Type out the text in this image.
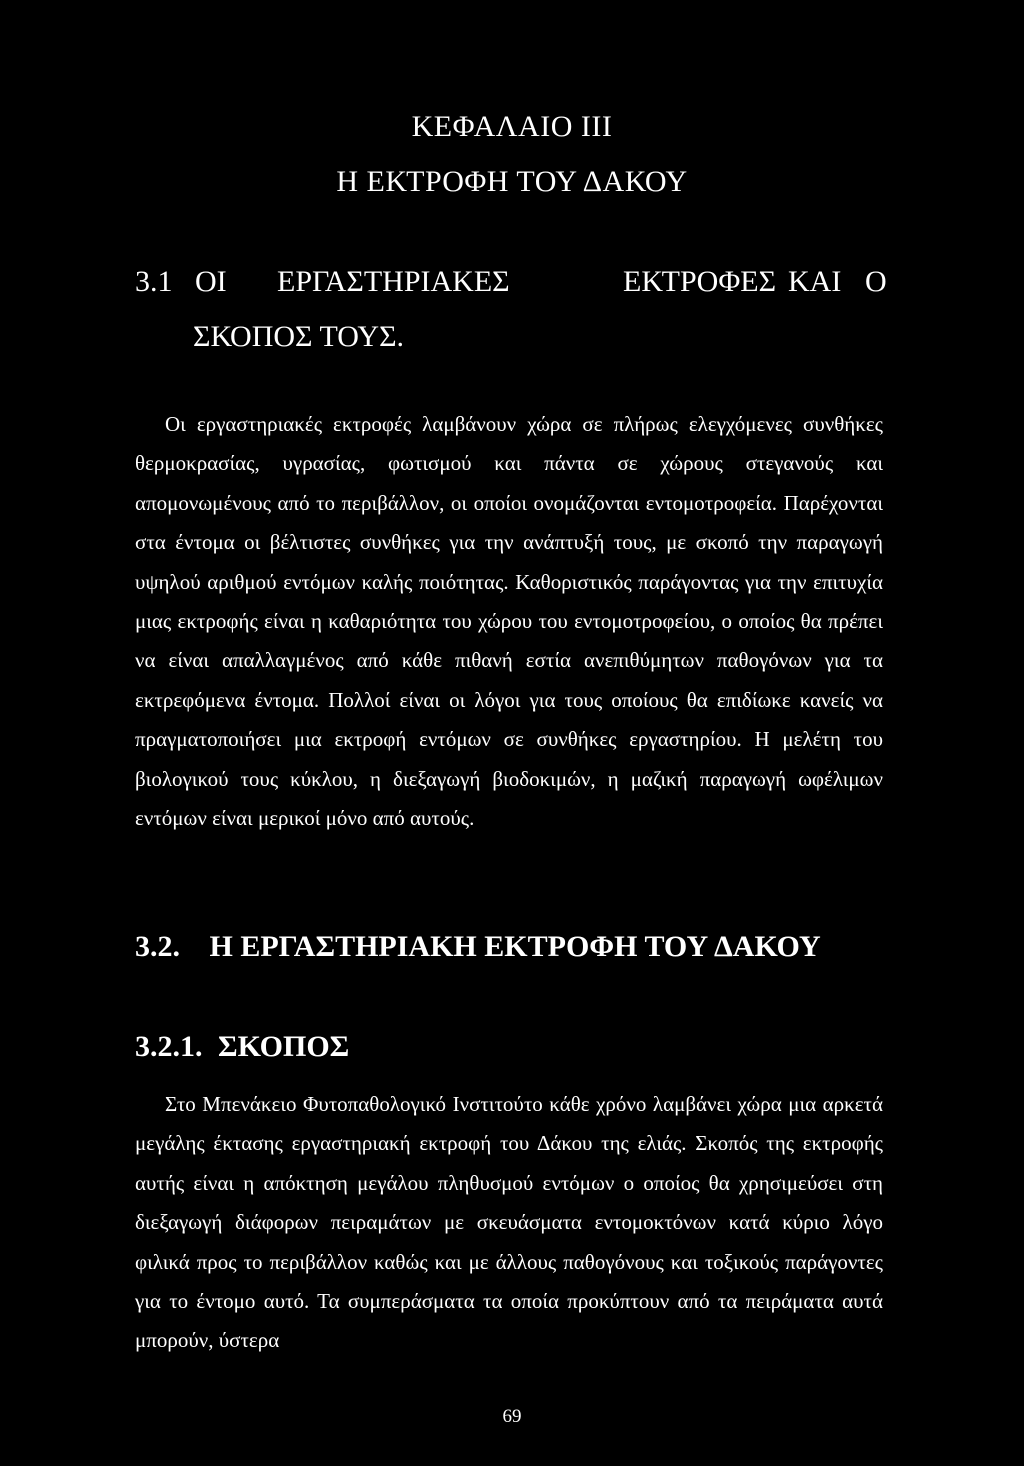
ΚΕΦΑΛΑΙΟ III
Η ΕΚΤΡΟΦΗ ΤΟΥ ΔΑΚΟΥ
3.1 ΟΙ ΕΡΓΑΣΤΗΡΙΑΚΕΣ	ΕΚΤΡΟΦΕΣ ΚΑΙ Ο
ΣΚΟΠΟΣ ΤΟΥΣ.

Οι εργαστηριακές εκτροφές λαμβάνουν χώρα σε πλήρως ελεγχόμενες συνθήκες θερμοκρασίας, υγρασίας, φωτισμού και πάντα σε χώρους στεγανούς και απομονωμένους από το περιβάλλον, οι οποίοι ονομάζονται εντομοτροφεία. Παρέχονται στα έντομα οι βέλτιστες συνθήκες για την ανάπτυξή τους, με σκοπό την παραγωγή υψηλού αριθμού εντόμων καλής ποιότητας. Καθοριστικός παράγοντας για την επιτυχία μιας εκτροφής είναι η καθαριότητα του χώρου του εντομοτροφείου, ο οποίος θα πρέπει να είναι απαλλαγμένος από κάθε πιθανή εστία ανεπιθύμητων παθογόνων για τα εκτρεφόμενα έντομα. Πολλοί είναι οι λόγοι για τους οποίους θα επιδίωκε κανείς να πραγματοποιήσει μια εκτροφή εντόμων σε συνθήκες εργαστηρίου. Η μελέτη του βιολογικού τους κύκλου, η διεξαγωγή βιοδοκιμών, η μαζική παραγωγή ωφέλιμων εντόμων είναι μερικοί μόνο από αυτούς.

3.2. Η ΕΡΓΑΣΤΗΡΙΑΚΗ ΕΚΤΡΟΦΗ ΤΟΥ ΔΑΚΟΥ
3.2.1. ΣΚΟΠΟΣ

Στο Μπενάκειο Φυτοπαθολογικό Ινστιτούτο κάθε χρόνο λαμβάνει χώρα μια αρκετά μεγάλης έκτασης εργαστηριακή εκτροφή του Δάκου της ελιάς. Σκοπός της εκτροφής αυτής είναι η απόκτηση μεγάλου πληθυσμού εντόμων ο οποίος θα χρησιμεύσει στη διεξαγωγή διάφορων πειραμάτων με σκευάσματα εντομοκτόνων κατά κύριο λόγο φιλικά προς το περιβάλλον καθώς και με άλλους παθογόνους και τοξικούς παράγοντες για το έντομο αυτό. Τα συμπεράσματα τα οποία προκύπτουν από τα πειράματα αυτά μπορούν, ύστερα

69
